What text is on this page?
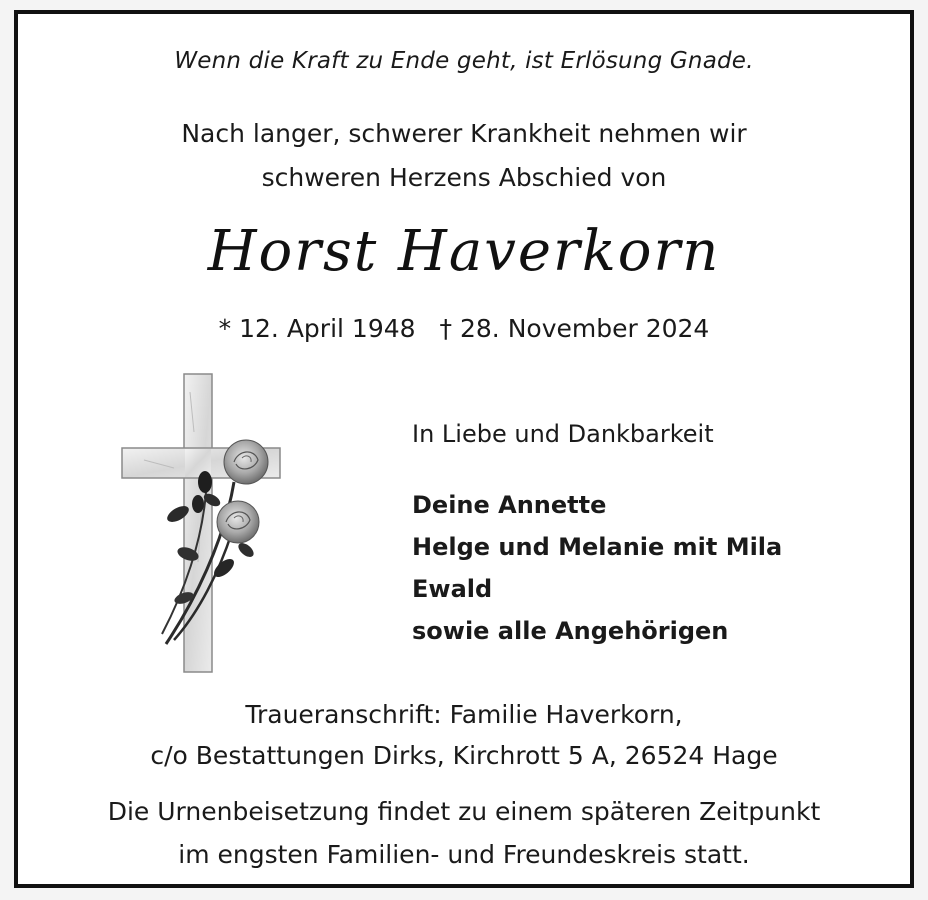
Wenn die Kraft zu Ende geht, ist Erlösung Gnade.
Nach langer, schwerer Krankheit nehmen wir
schweren Herzens Abschied von
Horst Haverkorn
* 12. April 1948 † 28. November 2024
In Liebe und Dankbarkeit
Deine Annette
Helge und Melanie mit Mila
Ewald
sowie alle Angehörigen
Traueranschrift: Familie Haverkorn,
c/o Bestattungen Dirks, Kirchrott 5 A, 26524 Hage
Die Urnenbeisetzung findet zu einem späteren Zeitpunkt
im engsten Familien- und Freundeskreis statt.
